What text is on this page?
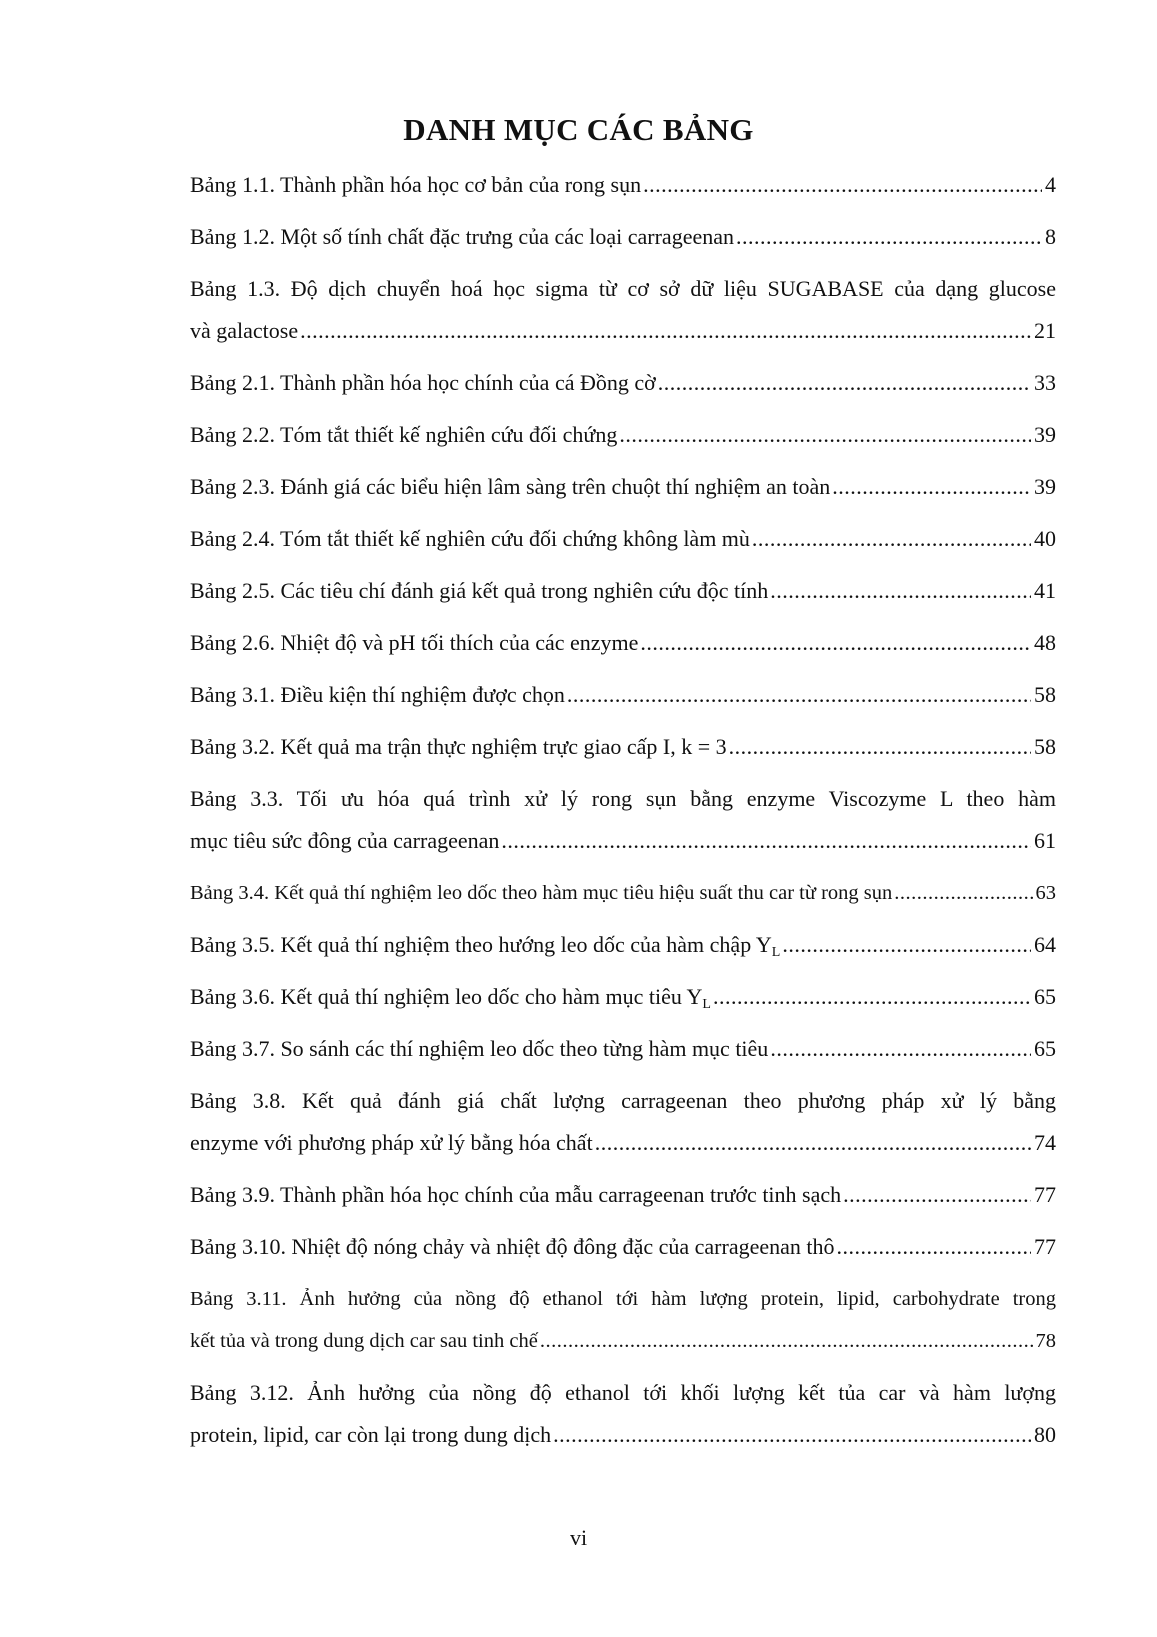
DANH MỤC CÁC BẢNG
Bảng 1.1. Thành phần hóa học cơ bản của rong sụn .....	4
Bảng 1.2. Một số tính chất đặc trưng của các loại carrageenan .....	8
Bảng 1.3. Độ dịch chuyển hoá học sigma từ cơ sở dữ liệu SUGABASE của dạng glucose
và galactose .....	21
Bảng 2.1. Thành phần hóa học chính của cá Đồng cờ .....	33
Bảng 2.2. Tóm tắt thiết kế nghiên cứu đối chứng .....	39
Bảng 2.3. Đánh giá các biểu hiện lâm sàng trên chuột thí nghiệm an toàn .....	39
Bảng 2.4. Tóm tắt thiết kế nghiên cứu đối chứng không làm mù .....	40
Bảng 2.5. Các tiêu chí đánh giá kết quả trong nghiên cứu độc tính .....	41
Bảng 2.6. Nhiệt độ và pH tối thích của các enzyme .....	48
Bảng 3.1. Điều kiện thí nghiệm được chọn .....	58
Bảng 3.2. Kết quả ma trận thực nghiệm trực giao cấp I, k = 3 .....	58
Bảng 3.3. Tối ưu hóa quá trình xử lý rong sụn bằng enzyme Viscozyme L theo hàm
mục tiêu sức đông của carrageenan .....	61
Bảng 3.4. Kết quả thí nghiệm leo dốc theo hàm mục tiêu hiệu suất thu car từ rong sụn .....	63
Bảng 3.5. Kết quả thí nghiệm theo hướng leo dốc của hàm chập $Y_L$ .....	64
Bảng 3.6. Kết quả thí nghiệm leo dốc cho hàm mục tiêu $Y_L$ .....	65
Bảng 3.7. So sánh các thí nghiệm leo dốc theo từng hàm mục tiêu .....	65
Bảng 3.8. Kết quả đánh giá chất lượng carrageenan theo phương pháp xử lý bằng
enzyme với phương pháp xử lý bằng hóa chất .....	74
Bảng 3.9. Thành phần hóa học chính của mẫu carrageenan trước tinh sạch .....	77
Bảng 3.10. Nhiệt độ nóng chảy và nhiệt độ đông đặc của carrageenan thô .....	77
Bảng 3.11. Ảnh hưởng của nồng độ ethanol tới hàm lượng protein, lipid, carbohydrate trong
kết tủa và trong dung dịch car sau tinh chế .....	78
Bảng 3.12. Ảnh hưởng của nồng độ ethanol tới khối lượng kết tủa car và hàm lượng
protein, lipid, car còn lại trong dung dịch .....	80
vi
